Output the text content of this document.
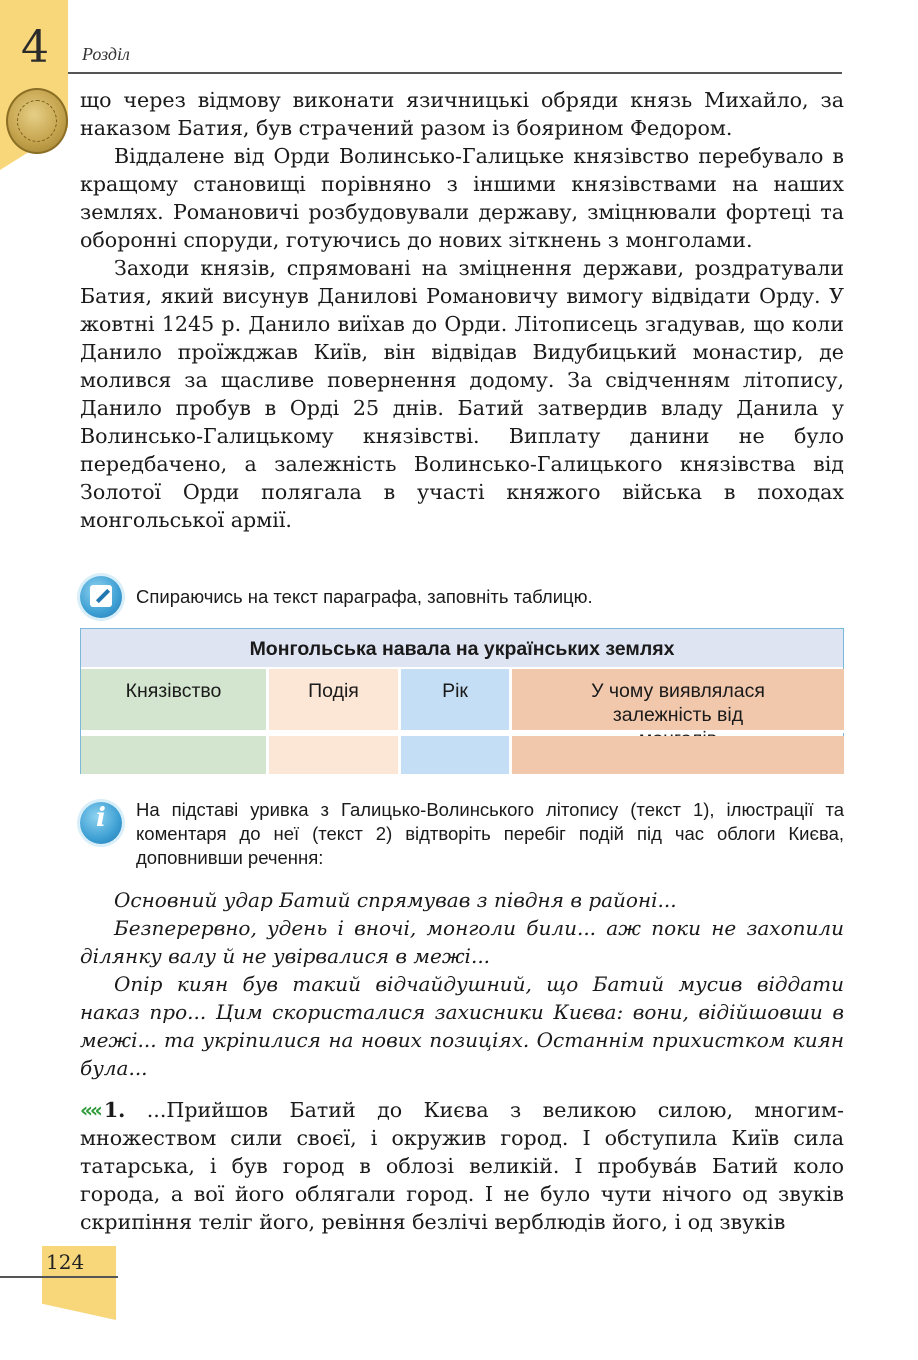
4	Розділ

що через відмову виконати язичницькі обряди князь Михайло, за наказом Батия, був страчений разом із боярином Федором.

Віддалене від Орди Волинсько-Галицьке князівство перебувало в кращому становищі порівняно з іншими князівствами на наших землях. Романовичі розбудовували державу, зміцнювали фортеці та оборонні споруди, готуючись до нових зіткнень з монголами.

Заходи князів, спрямовані на зміцнення держави, роздратували Батия, який висунув Данилові Романовичу вимогу відвідати Орду. У жовтні 1245 р. Данило виїхав до Орди. Літописець згадував, що коли Данило проїжджав Київ, він відвідав Видубицький монастир, де молився за щасливе повернення додому. За свідченням літопису, Данило пробув в Орді 25 днів. Батий затвердив владу Данила у Волинсько-Галицькому князівстві. Виплату данини не було передбачено, а залежність Волинсько-Галицького князівства від Золотої Орди полягала в участі княжого війська в походах монгольської армії.

Спираючись на текст параграфа, заповніть таблицю.
Монгольська навала на українських землях
Князівство	Подія	Рік	У чому виявлялася залежність від
i	На підставі уривка з Галицько-Волинського літопису (текст 1), ілюстрації та коментаря до неї (текст 2) відтворіть перебіг подій під час облоги Києва, доповнивши речення:

Основний удар Батий спрямував з півдня в районі...

Безперервно, удень і вночі, монголи били... аж поки не захопили ділянку валу й не увірвалися в межі...

Опір киян був такий відчайдушний, що Батий мусив віддати наказ про... Цим скористалися захисники Києва: вони, відійшовши в межі... та укріпилися на нових позиціях. Останнім прихистком киян була...

««1. ...Прийшов Батий до Києва з великою силою, многим-множеством сили своєї, і окружив город. І обступила Київ сила татарська, і був город в облозі великій. І пробува́в Батий коло города, а вої його облягали город. І не було чути нічого од звуків скрипіння теліг його, ревіння безлічі верблюдів його, і од звуків
124
